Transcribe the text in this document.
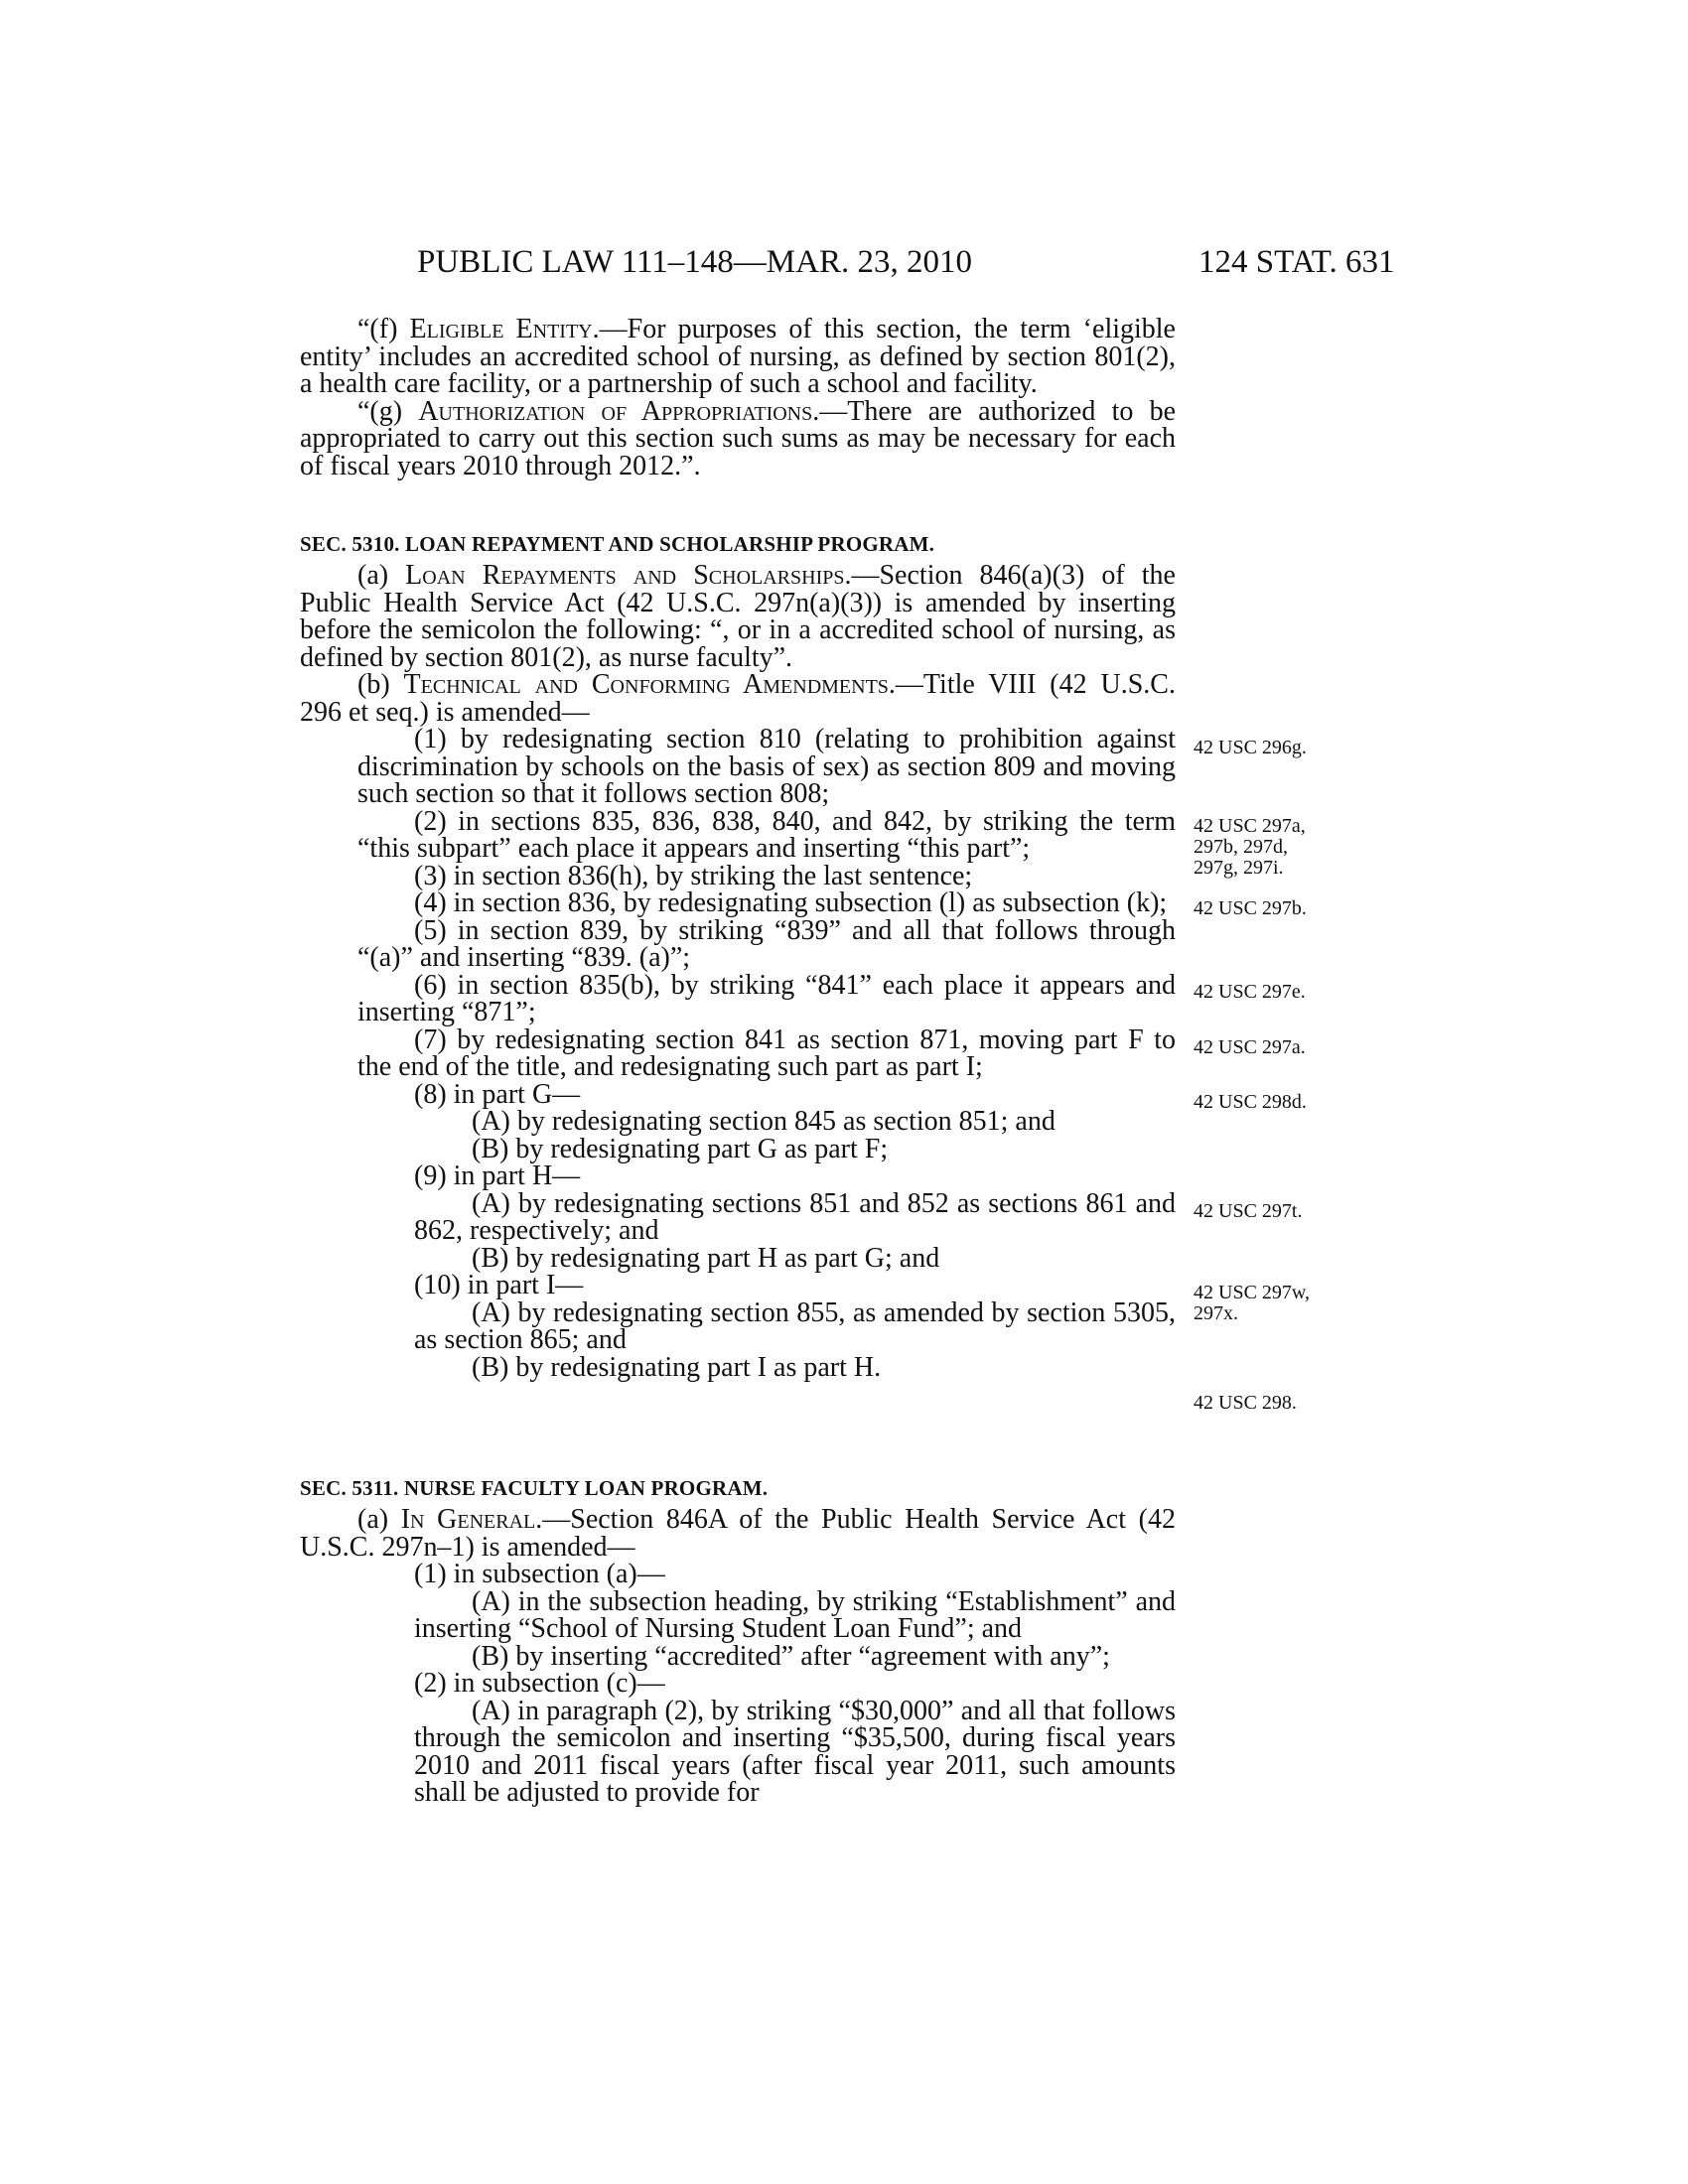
PUBLIC LAW 111–148—MAR. 23, 2010	124 STAT. 631

“(f) Eligible Entity.—For purposes of this section, the term ‘eligible entity’ includes an accredited school of nursing, as defined by section 801(2), a health care facility, or a partnership of such a school and facility.

“(g) Authorization of Appropriations.—There are authorized to be appropriated to carry out this section such sums as may be necessary for each of fiscal years 2010 through 2012.”.

SEC. 5310. LOAN REPAYMENT AND SCHOLARSHIP PROGRAM.

(a) Loan Repayments and Scholarships.—Section 846(a)(3) of the Public Health Service Act (42 U.S.C. 297n(a)(3)) is amended by inserting before the semicolon the following: “, or in a accredited school of nursing, as defined by section 801(2), as nurse faculty”.

(b) Technical and Conforming Amendments.—Title VIII (42 U.S.C. 296 et seq.) is amended—

(1) by redesignating section 810 (relating to prohibition against discrimination by schools on the basis of sex) as section 809 and moving such section so that it follows section 808;

(2) in sections 835, 836, 838, 840, and 842, by striking the term “this subpart” each place it appears and inserting “this part”;

(3) in section 836(h), by striking the last sentence;

(4) in section 836, by redesignating subsection (l) as subsection (k);

(5) in section 839, by striking “839” and all that follows through “(a)” and inserting “839. (a)”;

(6) in section 835(b), by striking “841” each place it appears and inserting “871”;

(7) by redesignating section 841 as section 871, moving part F to the end of the title, and redesignating such part as part I;

(8) in part G—

(A) by redesignating section 845 as section 851; and

(B) by redesignating part G as part F;

(9) in part H—

(A) by redesignating sections 851 and 852 as sections 861 and 862, respectively; and

(B) by redesignating part H as part G; and

(10) in part I—

(A) by redesignating section 855, as amended by section 5305, as section 865; and

(B) by redesignating part I as part H.

SEC. 5311. NURSE FACULTY LOAN PROGRAM.

(a) In General.—Section 846A of the Public Health Service Act (42 U.S.C. 297n–1) is amended—

(1) in subsection (a)—

(A) in the subsection heading, by striking “Establishment” and inserting “School of Nursing Student Loan Fund”; and

(B) by inserting “accredited” after “agreement with any”;

(2) in subsection (c)—

(A) in paragraph (2), by striking “$30,000” and all that follows through the semicolon and inserting “$35,500, during fiscal years 2010 and 2011 fiscal years (after fiscal year 2011, such amounts shall be adjusted to provide for

42 USC 296g.
42 USC 297a, 297b, 297d, 297g, 297i.
42 USC 297b.
42 USC 297e.
42 USC 297a.
42 USC 298d.
42 USC 297t.
42 USC 297w, 297x.
42 USC 298.
